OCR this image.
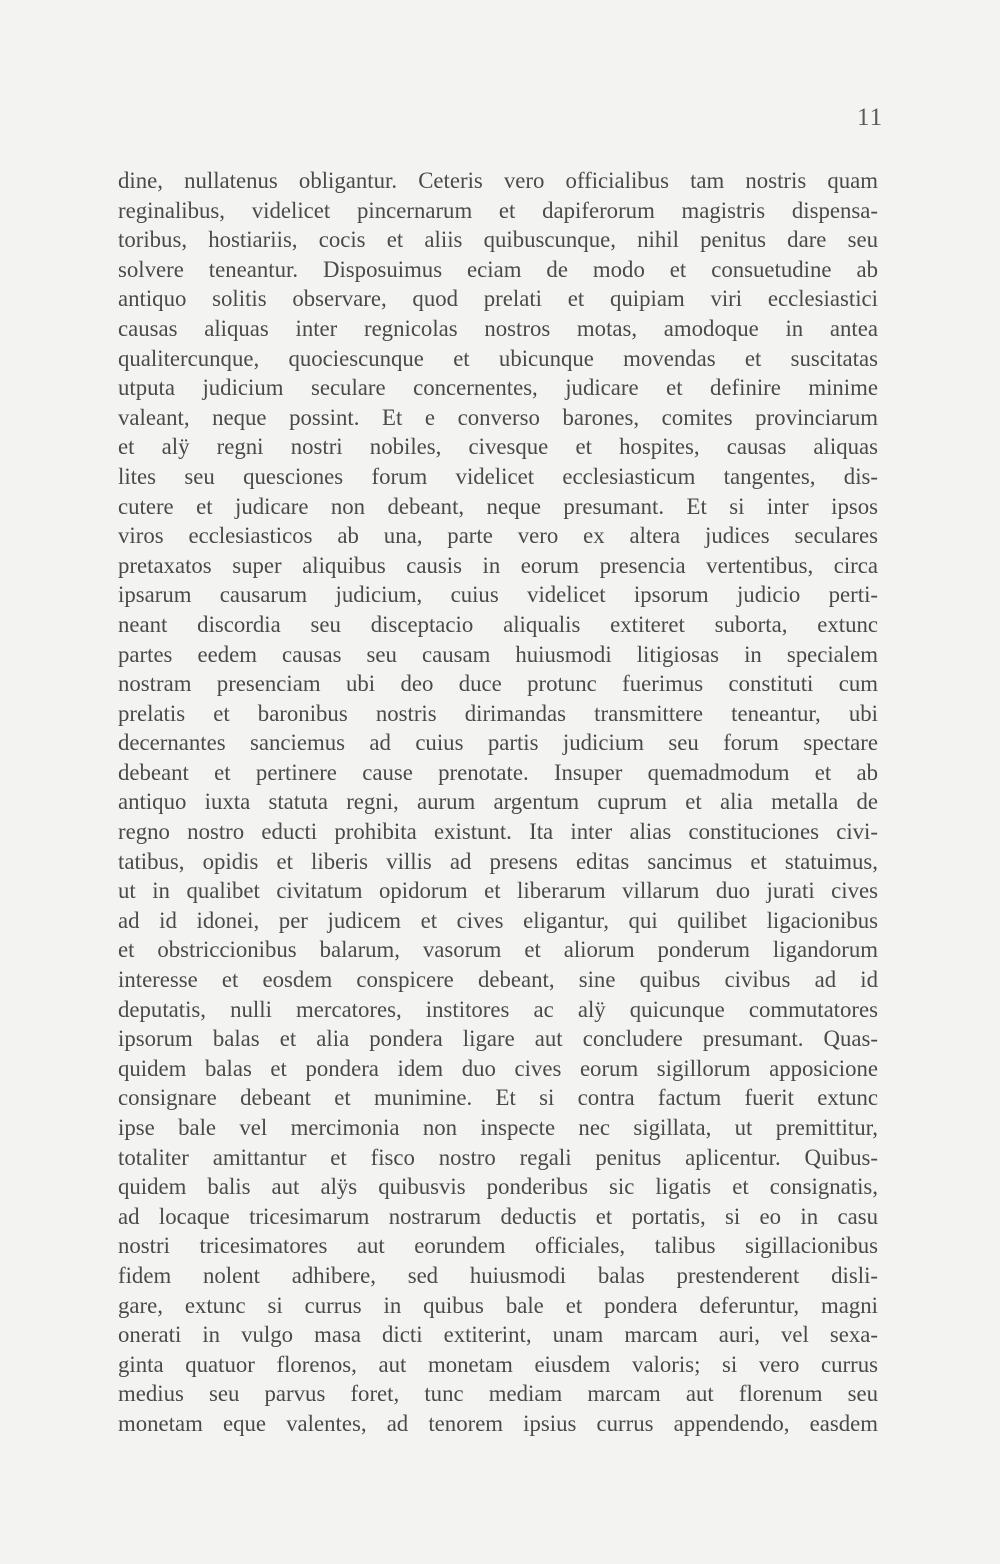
11
dine, nullatenus obligantur. Ceteris vero officialibus tam nostris quam
reginalibus, videlicet pincernarum et dapiferorum magistris dispensa-
toribus, hostiariis, cocis et aliis quibuscunque, nihil penitus dare seu
solvere teneantur. Disposuimus eciam de modo et consuetudine ab
antiquo solitis observare, quod prelati et quipiam viri ecclesiastici
causas aliquas inter regnicolas nostros motas, amodoque in antea
qualitercunque, quociescunque et ubicunque movendas et suscitatas
utputa judicium seculare concernentes, judicare et definire minime
valeant, neque possint. Et e converso barones, comites provinciarum
et alÿ regni nostri nobiles, civesque et hospites, causas aliquas
lites seu quesciones forum videlicet ecclesiasticum tangentes, dis-
cutere et judicare non debeant, neque presumant. Et si inter ipsos
viros ecclesiasticos ab una, parte vero ex altera judices seculares
pretaxatos super aliquibus causis in eorum presencia vertentibus, circa
ipsarum causarum judicium, cuius videlicet ipsorum judicio perti-
neant discordia seu disceptacio aliqualis extiteret suborta, extunc
partes eedem causas seu causam huiusmodi litigiosas in specialem
nostram presenciam ubi deo duce protunc fuerimus constituti cum
prelatis et baronibus nostris dirimandas transmittere teneantur, ubi
decernantes sanciemus ad cuius partis judicium seu forum spectare
debeant et pertinere cause prenotate. Insuper quemadmodum et ab
antiquo iuxta statuta regni, aurum argentum cuprum et alia metalla de
regno nostro educti prohibita existunt. Ita inter alias constituciones civi-
tatibus, opidis et liberis villis ad presens editas sancimus et statuimus,
ut in qualibet civitatum opidorum et liberarum villarum duo jurati cives
ad id idonei, per judicem et cives eligantur, qui quilibet ligacionibus
et obstriccionibus balarum, vasorum et aliorum ponderum ligandorum
interesse et eosdem conspicere debeant, sine quibus civibus ad id
deputatis, nulli mercatores, institores ac alÿ quicunque commutatores
ipsorum balas et alia pondera ligare aut concludere presumant. Quas-
quidem balas et pondera idem duo cives eorum sigillorum apposicione
consignare debeant et munimine. Et si contra factum fuerit extunc
ipse bale vel mercimonia non inspecte nec sigillata, ut premittitur,
totaliter amittantur et fisco nostro regali penitus aplicentur. Quibus-
quidem balis aut alÿs quibusvis ponderibus sic ligatis et consignatis,
ad locaque tricesimarum nostrarum deductis et portatis, si eo in casu
nostri tricesimatores aut eorundem officiales, talibus sigillacionibus
fidem nolent adhibere, sed huiusmodi balas prestenderent disli-
gare, extunc si currus in quibus bale et pondera deferuntur, magni
onerati in vulgo masa dicti extiterint, unam marcam auri, vel sexa-
ginta quatuor florenos, aut monetam eiusdem valoris; si vero currus
medius seu parvus foret, tunc mediam marcam aut florenum seu
monetam eque valentes, ad tenorem ipsius currus appendendo, easdem
